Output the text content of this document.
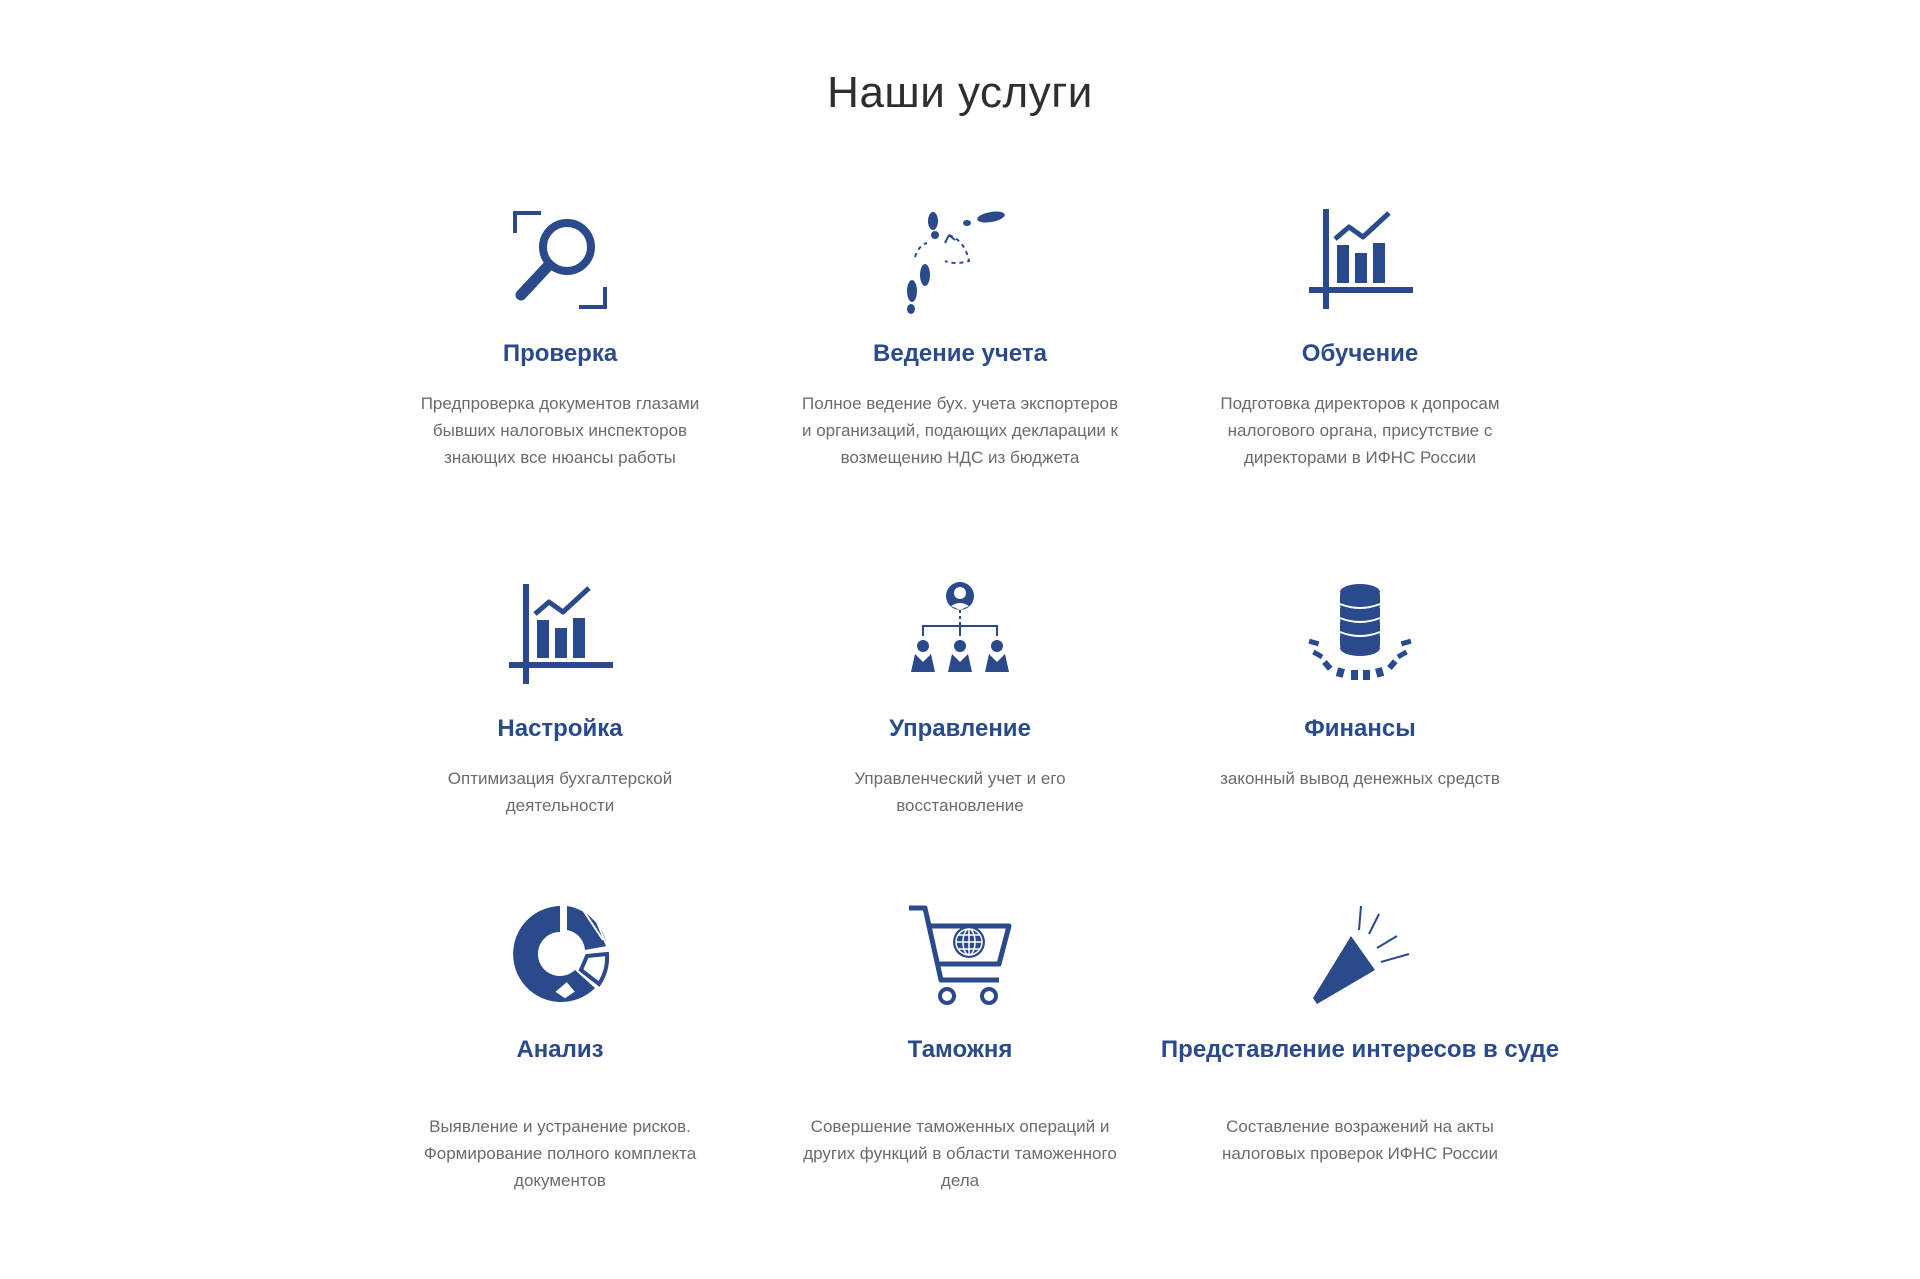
Наши услуги
Проверка
Предпроверка документов глазами бывших налоговых инспекторов знающих все нюансы работы
Ведение учета
Полное ведение бух. учета экспортеров и организаций, подающих декларации к возмещению НДС из бюджета
Обучение
Подготовка директоров к допросам налогового органа, присутствие с директорами в ИФНС России
Настройка
Оптимизация бухгалтерской деятельности
Управление
Управленческий учет и его восстановление
Финансы
законный вывод денежных средств
Анализ
Выявление и устранение рисков. Формирование полного комплекта документов
Таможня
Совершение таможенных операций и других функций в области таможенного дела
Представление интересов в суде
Составление возражений на акты налоговых проверок ИФНС России
